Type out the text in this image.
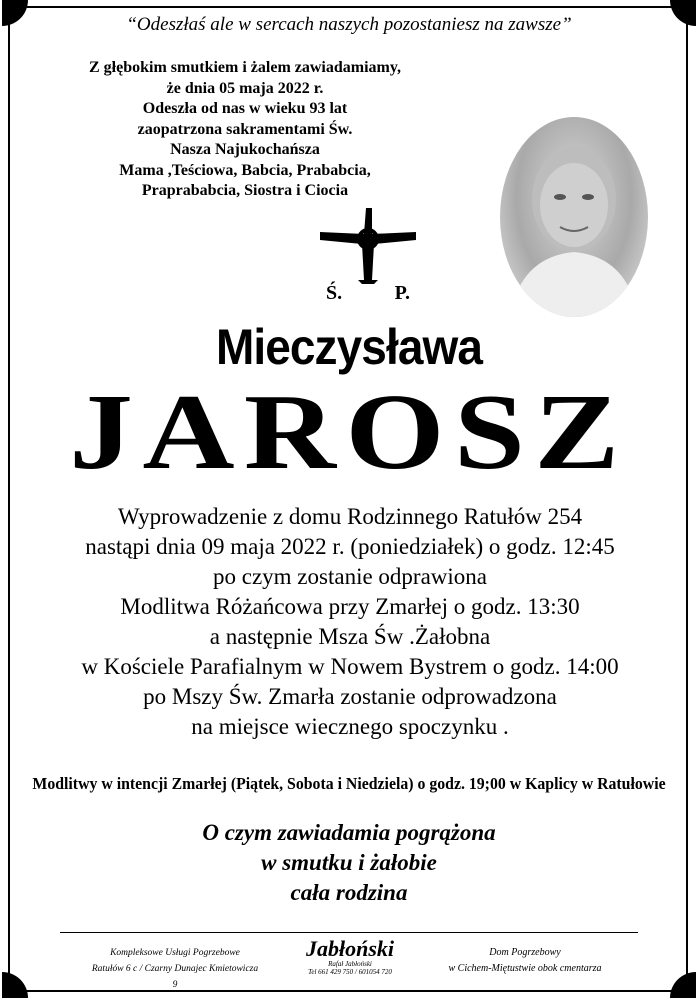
“Odeszłaś ale w sercach naszych pozostaniesz na zawsze”
Z głębokim smutkiem i żalem zawiadamiamy,
że dnia 05 maja 2022 r.
Odeszła od nas w wieku 93 lat
zaopatrzona sakramentami Św.
Nasza Najukochańsza
Mama ,Teściowa, Babcia, Prababcia,
Praprababcia, Siostra i Ciocia
Ś.	P.
Mieczysława
JAROSZ
Wyprowadzenie z domu Rodzinnego Ratułów 254
nastąpi dnia 09 maja 2022 r. (poniedziałek) o godz. 12:45
po czym zostanie odprawiona
Modlitwa Różańcowa przy Zmarłej o godz. 13:30
a następnie Msza Św .Żałobna
w Kościele Parafialnym w Nowem Bystrem o godz. 14:00
po Mszy Św. Zmarła zostanie odprowadzona
na miejsce wiecznego spoczynku .
Modlitwy w intencji Zmarłej (Piątek, Sobota i Niedziela) o godz. 19;00 w Kaplicy w Ratułowie
O czym zawiadamia pogrążona
w smutku i żałobie
cała rodzina
Kompleksowe Usługi Pogrzebowe
Ratułów 6 c / Czarny Dunajec Kmietowicza 9
Jabłoński
Rafał Jabłoński
Tel 661 429 750 / 601054 720
Dom Pogrzebowy
w Cichem-Miętustwie obok cmentarza
